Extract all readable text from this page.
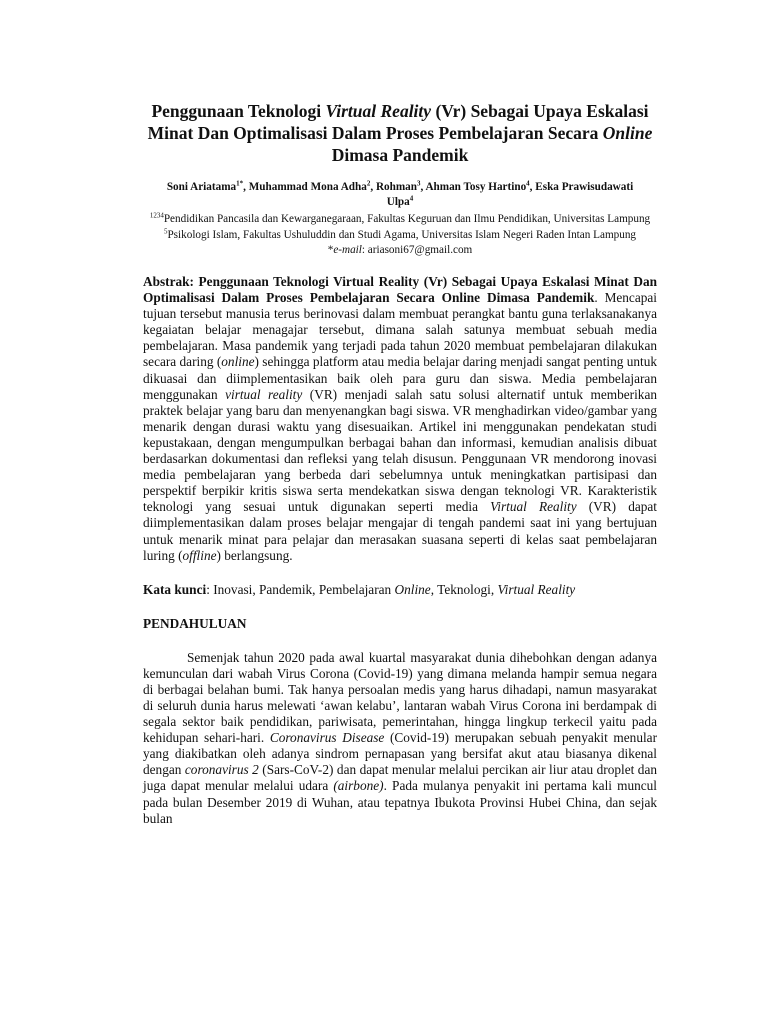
Penggunaan Teknologi Virtual Reality (Vr) Sebagai Upaya Eskalasi Minat Dan Optimalisasi Dalam Proses Pembelajaran Secara Online Dimasa Pandemik
Soni Ariatama$^{1*}$, Muhammad Mona Adha$^2$, Rohman$^3$, Ahman Tosy Hartino$^4$, Eska Prawisudawati Ulpa$^4$
$^{1234}$Pendidikan Pancasila dan Kewarganegaraan, Fakultas Keguruan dan Ilmu Pendidikan, Universitas Lampung
$^5$Psikologi Islam, Fakultas Ushuluddin dan Studi Agama, Universitas Islam Negeri Raden Intan Lampung
*e-mail: ariasoni67@gmail.com
Abstrak: Penggunaan Teknologi Virtual Reality (Vr) Sebagai Upaya Eskalasi Minat Dan Optimalisasi Dalam Proses Pembelajaran Secara Online Dimasa Pandemik. Mencapai tujuan tersebut manusia terus berinovasi dalam membuat perangkat bantu guna terlaksanakanya kegaiatan belajar menagajar tersebut, dimana salah satunya membuat sebuah media pembelajaran. Masa pandemik yang terjadi pada tahun 2020 membuat pembelajaran dilakukan secara daring (online) sehingga platform atau media belajar daring menjadi sangat penting untuk dikuasai dan diimplementasikan baik oleh para guru dan siswa. Media pembelajaran menggunakan virtual reality (VR) menjadi salah satu solusi alternatif untuk memberikan praktek belajar yang baru dan menyenangkan bagi siswa. VR menghadirkan video/gambar yang menarik dengan durasi waktu yang disesuaikan. Artikel ini menggunakan pendekatan studi kepustakaan, dengan mengumpulkan berbagai bahan dan informasi, kemudian analisis dibuat berdasarkan dokumentasi dan refleksi yang telah disusun. Penggunaan VR mendorong inovasi media pembelajaran yang berbeda dari sebelumnya untuk meningkatkan partisipasi dan perspektif berpikir kritis siswa serta mendekatkan siswa dengan teknologi VR. Karakteristik teknologi yang sesuai untuk digunakan seperti media Virtual Reality (VR) dapat diimplementasikan dalam proses belajar mengajar di tengah pandemi saat ini yang bertujuan untuk menarik minat para pelajar dan merasakan suasana seperti di kelas saat pembelajaran luring (offline) berlangsung.
Kata kunci: Inovasi, Pandemik, Pembelajaran Online, Teknologi, Virtual Reality
PENDAHULUAN
Semenjak tahun 2020 pada awal kuartal masyarakat dunia dihebohkan dengan adanya kemunculan dari wabah Virus Corona (Covid-19) yang dimana melanda hampir semua negara di berbagai belahan bumi. Tak hanya persoalan medis yang harus dihadapi, namun masyarakat di seluruh dunia harus melewati ‘awan kelabu’, lantaran wabah Virus Corona ini berdampak di segala sektor baik pendidikan, pariwisata, pemerintahan, hingga lingkup terkecil yaitu pada kehidupan sehari-hari. Coronavirus Disease (Covid-19) merupakan sebuah penyakit menular yang diakibatkan oleh adanya sindrom pernapasan yang bersifat akut atau biasanya dikenal dengan coronavirus 2 (Sars-CoV-2) dan dapat menular melalui percikan air liur atau droplet dan juga dapat menular melalui udara (airbone). Pada mulanya penyakit ini pertama kali muncul pada bulan Desember 2019 di Wuhan, atau tepatnya Ibukota Provinsi Hubei China, dan sejak bulan
